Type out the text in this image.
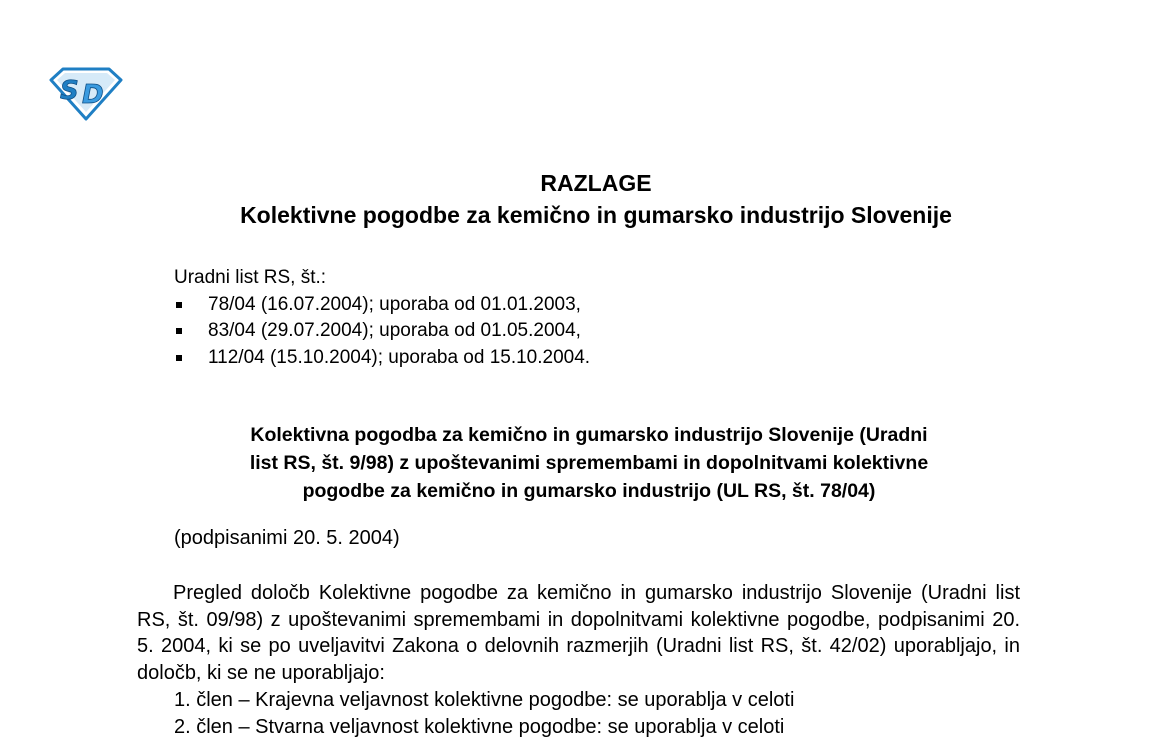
S D
RAZLAGE
Kolektivne pogodbe za kemično in gumarsko industrijo Slovenije
Uradni list RS, št.:
78/04 (16.07.2004); uporaba od 01.01.2003,
83/04 (29.07.2004); uporaba od 01.05.2004,
112/04 (15.10.2004); uporaba od 15.10.2004.
Kolektivna pogodba za kemično in gumarsko industrijo Slovenije (Uradni
list RS, št. 9/98) z upoštevanimi spremembami in dopolnitvami kolektivne
pogodbe za kemično in gumarsko industrijo (UL RS, št. 78/04)
(podpisanimi 20. 5. 2004)
Pregled določb Kolektivne pogodbe za kemično in gumarsko industrijo Slovenije (Uradni list RS, št. 09/98) z upoštevanimi spremembami in dopolnitvami kolektivne pogodbe, podpisanimi 20. 5. 2004, ki se po uveljavitvi Zakona o delovnih razmerjih (Uradni list RS, št. 42/02) uporabljajo, in določb, ki se ne uporabljajo:
1. člen – Krajevna veljavnost kolektivne pogodbe: se uporablja v celoti
2. člen – Stvarna veljavnost kolektivne pogodbe: se uporablja v celoti
